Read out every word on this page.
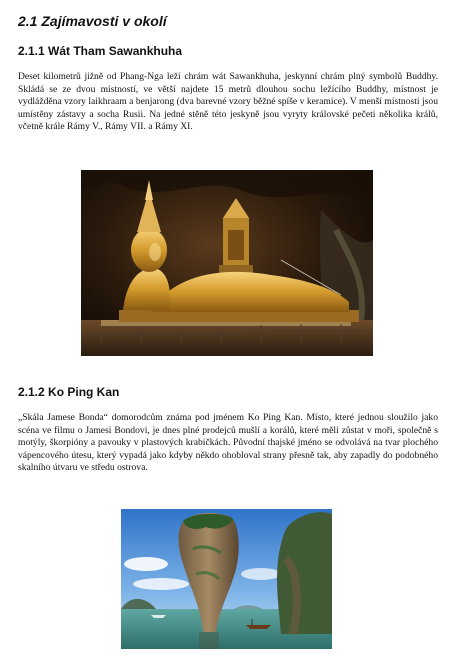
2.1 Zajímavosti v okolí
2.1.1 Wát Tham Sawankhuha

Deset kilometrů jižně od Phang-Nga leží chrám wát Sawankhuha, jeskynní chrám plný symbolů Buddhy. Skládá se ze dvou místností, ve větší najdete 15 metrů dlouhou sochu ležícího Buddhy, místnost je vydlážděna vzory laikhraam a benjarong (dva barevné vzory běžné spíše v keramice). V menší místnosti jsou umístěny zástavy a socha Rusii. Na jedné stěně této jeskyně jsou vyryty královské pečeti několika králů, včetně krále Rámy V., Rámy VII. a Rámy XI.

2.1.2 Ko Ping Kan

„Skála Jamese Bonda“ domorodcům známa pod jménem Ko Ping Kan. Místo, které jednou sloužilo jako scéna ve filmu o Jamesi Bondovi, je dnes plné prodejců mušlí a korálů, které měli zůstat v moři, společně s motýly, škorpióny a pavouky v plastových krabičkách. Původní thajské jméno se odvolává na tvar plochého vápencového útesu, který vypadá jako kdyby někdo ohobloval strany přesně tak, aby zapadly do podobného skalního útvaru ve středu ostrova.
